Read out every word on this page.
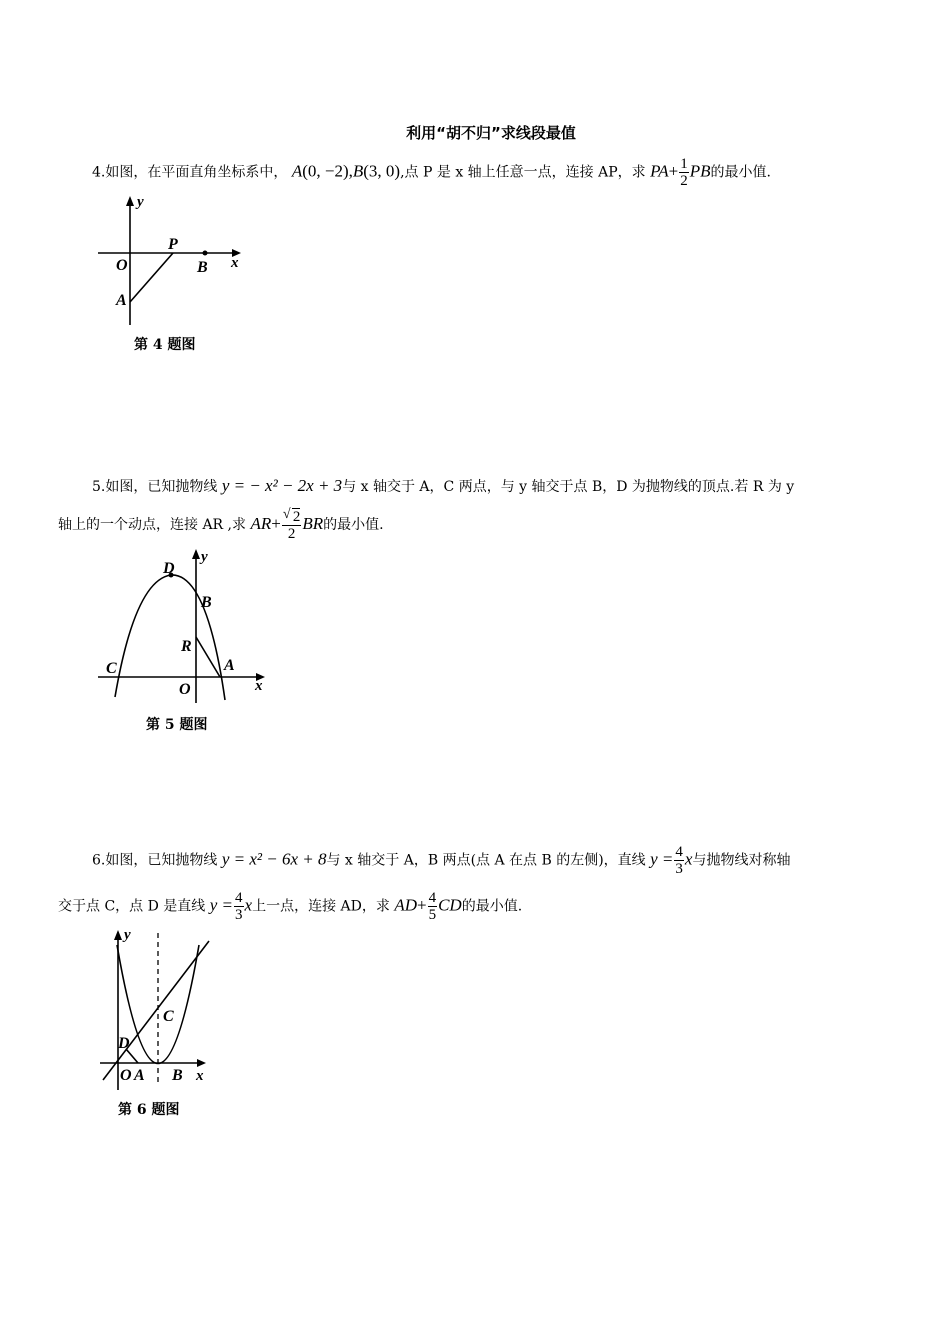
利用“胡不归”求线段最值
4.如图，在平面直角坐标系中， A(0, −2),B(3, 0),点 P 是 x 轴上任意一点，连接 AP，求 $PA+ \frac{1}{2}$ PB的最小值.
y
x
O
P
B
A
第 4 题图
5.如图，已知抛物线 y = − x² − 2x + 3与 x 轴交于 A，C 两点，与 y 轴交于点 B，D 为抛物线的顶点.若 R 为 y
轴上的一个动点，连接 AR ,求 AR+
√ $\frac{2}{2}$ BR的最小值.
D
y
B
R
C	A
O	x
第 5 题图
6.如图，已知抛物线 y = x² − 6x + 8与 x 轴交于 A，B 两点(点 A 在点 B 的左侧)，直线 $y = \frac{4}{3}$ x与抛物线对称轴
交于点 C，点 D 是直线 $y = \frac{4}{3}$ x上一点，连接 AD，求 $AD+ \frac{4}{5}$ CD的最小值.
y
C
D
O A B x
第 6 题图
